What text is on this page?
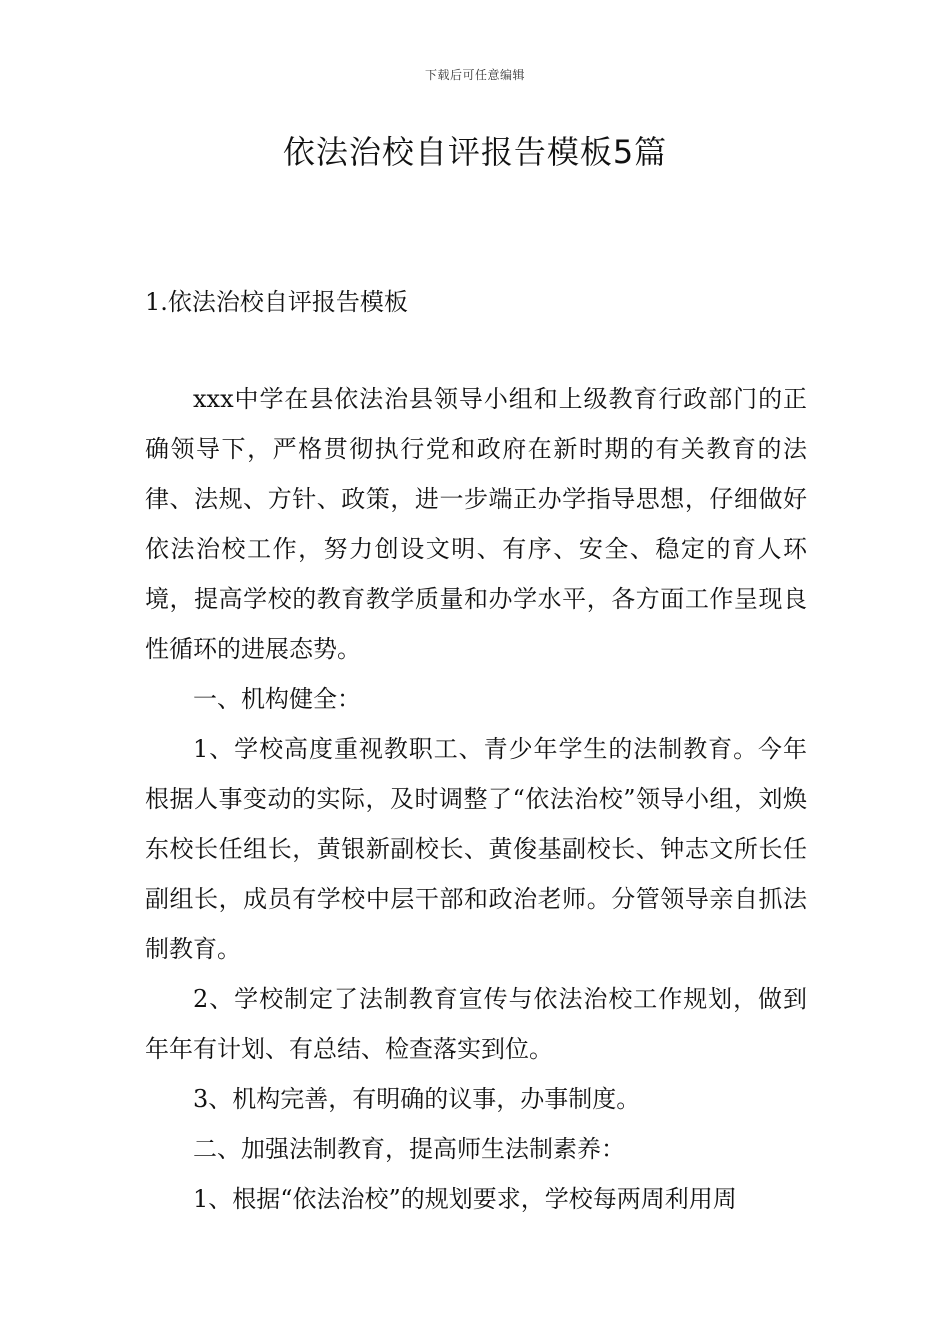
下载后可任意编辑
依法治校自评报告模板5篇
1.依法治校自评报告模板

xxx中学在县依法治县领导小组和上级教育行政部门的正确领导下，严格贯彻执行党和政府在新时期的有关教育的法律、法规、方针、政策，进一步端正办学指导思想，仔细做好依法治校工作，努力创设文明、有序、安全、稳定的育人环境，提高学校的教育教学质量和办学水平，各方面工作呈现良性循环的进展态势。

一、机构健全：

1、学校高度重视教职工、青少年学生的法制教育。今年根据人事变动的实际，及时调整了“依法治校”领导小组，刘焕东校长任组长，黄银新副校长、黄俊基副校长、钟志文所长任副组长，成员有学校中层干部和政治老师。分管领导亲自抓法制教育。

2、学校制定了法制教育宣传与依法治校工作规划，做到年年有计划、有总结、检查落实到位。

3、机构完善，有明确的议事，办事制度。

二、加强法制教育，提高师生法制素养：

1、根据“依法治校”的规划要求，学校每两周利用周
